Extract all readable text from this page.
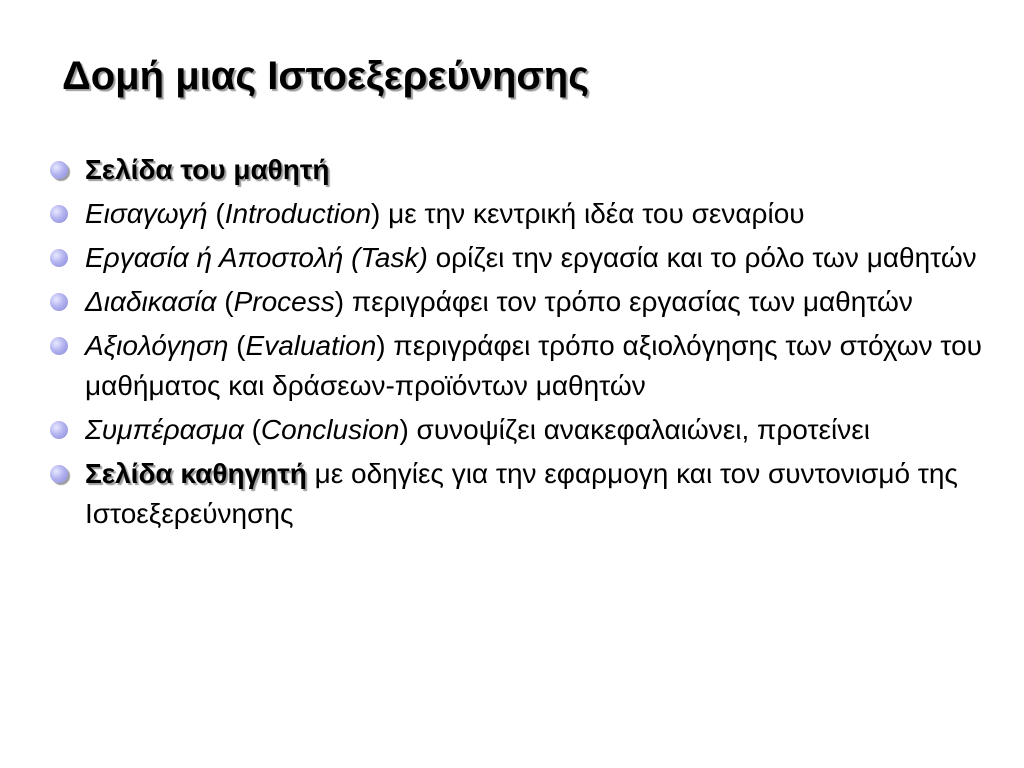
Δομή μιας Ιστοεξερεύνησης
Σελίδα του μαθητή
Εισαγωγή (Introduction) με την κεντρική ιδέα του σεναρίου
Εργασία ή Αποστολή (Task) ορίζει την εργασία και το ρόλο των μαθητών
Διαδικασία (Process) περιγράφει τον τρόπο εργασίας των μαθητών
Αξιολόγηση (Evaluation) περιγράφει τρόπο αξιολόγησης των στόχων του μαθήματος και δράσεων-προϊόντων μαθητών
Συμπέρασμα (Conclusion) συνοψίζει ανακεφαλαιώνει, προτείνει
Σελίδα καθηγητή με οδηγίες για την εφαρμογη και τον συντονισμό της Ιστοεξερεύνησης
